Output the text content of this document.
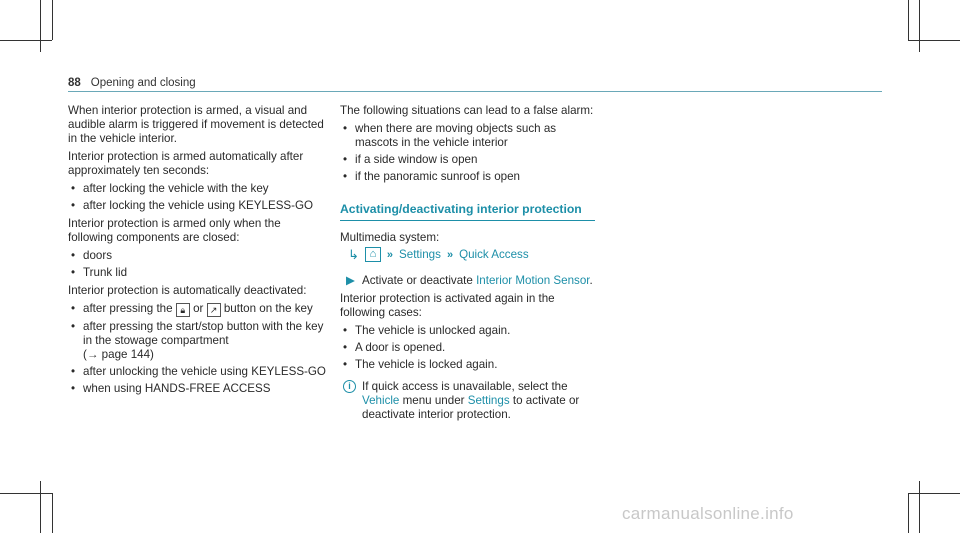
88 Opening and closing

When interior protection is armed, a visual and audible alarm is triggered if movement is detected in the vehicle interior.

Interior protection is armed automatically after approximately ten seconds:

• after locking the vehicle with the key
• after locking the vehicle using KEYLESS-GO

Interior protection is armed only when the following components are closed:

• doors
• Trunk lid

Interior protection is automatically deactivated:

• after pressing the 🔒︎ or ↗ button on the key
• after pressing the start/stop button with the key in the stowage compartment
(→ page 144)
• after unlocking the vehicle using KEYLESS-GO
• when using HANDS-FREE ACCESS

The following situations can lead to a false alarm:

• when there are moving objects such as mascots in the vehicle interior
• if a side window is open
• if the panoramic sunroof is open
Activating/deactivating interior protection

Multimedia system:

↳ ⌂ » Settings » Quick Access
▶ Activate or deactivate Interior Motion Sensor.

Interior protection is activated again in the following cases:

• The vehicle is unlocked again.
• A door is opened.
• The vehicle is locked again.
i If quick access is unavailable, select the Vehicle menu under Settings to activate or deactivate interior protection.
carmanualsonline.info
